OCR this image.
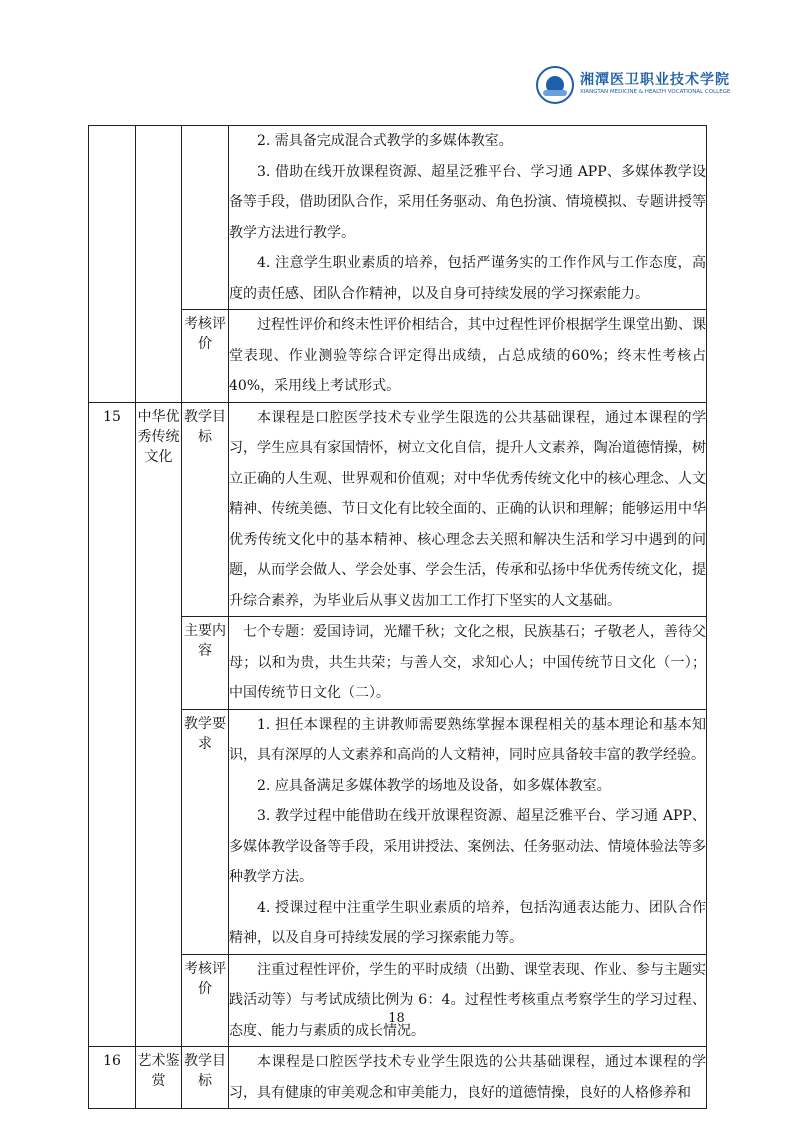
湘潭医卫职业技术学院
XIANGTAN MEDICINE & HEALTH VOCATIONAL COLLEGE

			2. 需具备完成混合式教学的多媒体教室。

3. 借助在线开放课程资源、超星泛雅平台、学习通 APP、多媒体教学设备等手段，借助团队合作，采用任务驱动、角色扮演、情境模拟、专题讲授等教学方法进行教学。

4. 注意学生职业素质的培养，包括严谨务实的工作作风与工作态度，高度的责任感、团队合作精神，以及自身可持续发展的学习探索能力。

		考核评价	过程性评价和终末性评价相结合，其中过程性评价根据学生课堂出勤、课堂表现、作业测验等综合评定得出成绩，占总成绩的60%；终末性考核占40%，采用线上考试形式。

15	中华优秀传统文化	教学目标	本课程是口腔医学技术专业学生限选的公共基础课程，通过本课程的学习，学生应具有家国情怀，树立文化自信，提升人文素养，陶冶道德情操，树立正确的人生观、世界观和价值观；对中华优秀传统文化中的核心理念、人文精神、传统美德、节日文化有比较全面的、正确的认识和理解；能够运用中华优秀传统文化中的基本精神、核心理念去关照和解决生活和学习中遇到的问题，从而学会做人、学会处事、学会生活，传承和弘扬中华优秀传统文化，提升综合素养，为毕业后从事义齿加工工作打下坚实的人文基础。

		主要内容	七个专题：爱国诗词，光耀千秋；文化之根，民族基石；孑敬老人，善待父母；以和为贵，共生共荣；与善人交，求知心人；中国传统节日文化（一）；中国传统节日文化（二）。

		教学要求	1. 担任本课程的主讲教师需要熟练掌握本课程相关的基本理论和基本知识，具有深厚的人文素养和高尚的人文精神，同时应具备较丰富的教学经验。

2. 应具备满足多媒体教学的场地及设备，如多媒体教室。

3. 教学过程中能借助在线开放课程资源、超星泛雅平台、学习通 APP、多媒体教学设备等手段，采用讲授法、案例法、任务驱动法、情境体验法等多种教学方法。

4. 授课过程中注重学生职业素质的培养，包括沟通表达能力、团队合作精神，以及自身可持续发展的学习探索能力等。

		考核评价	注重过程性评价，学生的平时成绩（出勤、课堂表现、作业、参与主题实践活动等）与考试成绩比例为 6：4。过程性考核重点考察学生的学习过程、态度、能力与素质的成长情况。

16	艺术鉴赏	教学目标	本课程是口腔医学技术专业学生限选的公共基础课程，通过本课程的学习，具有健康的审美观念和审美能力，良好的道德情操，良好的人格修养和

18
